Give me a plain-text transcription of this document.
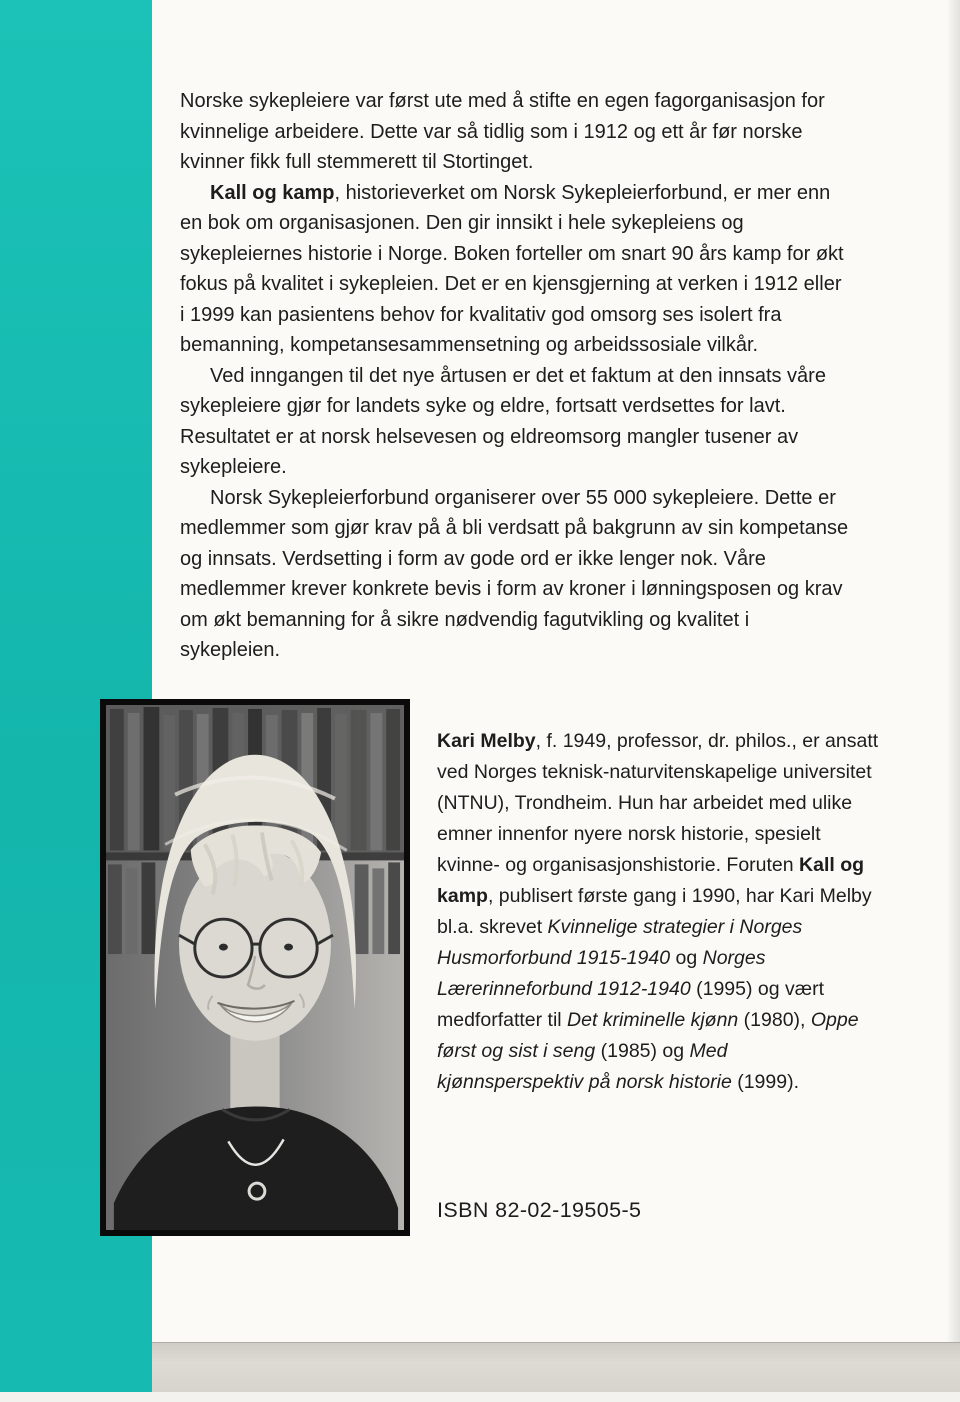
Norske sykepleiere var først ute med å stifte en egen fagorganisasjon for kvinnelige arbeidere. Dette var så tidlig som i 1912 og ett år før norske kvinner fikk full stemmerett til Stortinget.

Kall og kamp, historieverket om Norsk Sykepleierforbund, er mer enn en bok om organisasjonen. Den gir innsikt i hele sykepleiens og sykepleiernes historie i Norge. Boken forteller om snart 90 års kamp for økt fokus på kvalitet i sykepleien. Det er en kjensgjerning at verken i 1912 eller i 1999 kan pasientens behov for kvalitativ god omsorg ses isolert fra bemanning, kompetansesammensetning og arbeidssosiale vilkår.

Ved inngangen til det nye årtusen er det et faktum at den innsats våre sykepleiere gjør for landets syke og eldre, fortsatt verdsettes for lavt. Resultatet er at norsk helsevesen og eldreomsorg mangler tusener av sykepleiere.

Norsk Sykepleierforbund organiserer over 55 000 sykepleiere. Dette er medlemmer som gjør krav på å bli verdsatt på bakgrunn av sin kompetanse og innsats. Verdsetting i form av gode ord er ikke lenger nok. Våre medlemmer krever konkrete bevis i form av kroner i lønningsposen og krav om økt bemanning for å sikre nødvendig fagutvikling og kvalitet i sykepleien.

Kari Melby, f. 1949, professor, dr. philos., er ansatt ved Norges teknisk-naturvitenskapelige universitet (NTNU), Trondheim. Hun har arbeidet med ulike emner innenfor nyere norsk historie, spesielt kvinne- og organisasjonshistorie. Foruten Kall og kamp, publisert første gang i 1990, har Kari Melby bl.a. skrevet Kvinnelige strategier i Norges Husmorforbund 1915-1940 og Norges Lærerinneforbund 1912-1940 (1995) og vært medforfatter til Det kriminelle kjønn (1980), Oppe først og sist i seng (1985) og Med kjønnsperspektiv på norsk historie (1999).
ISBN 82-02-19505-5
